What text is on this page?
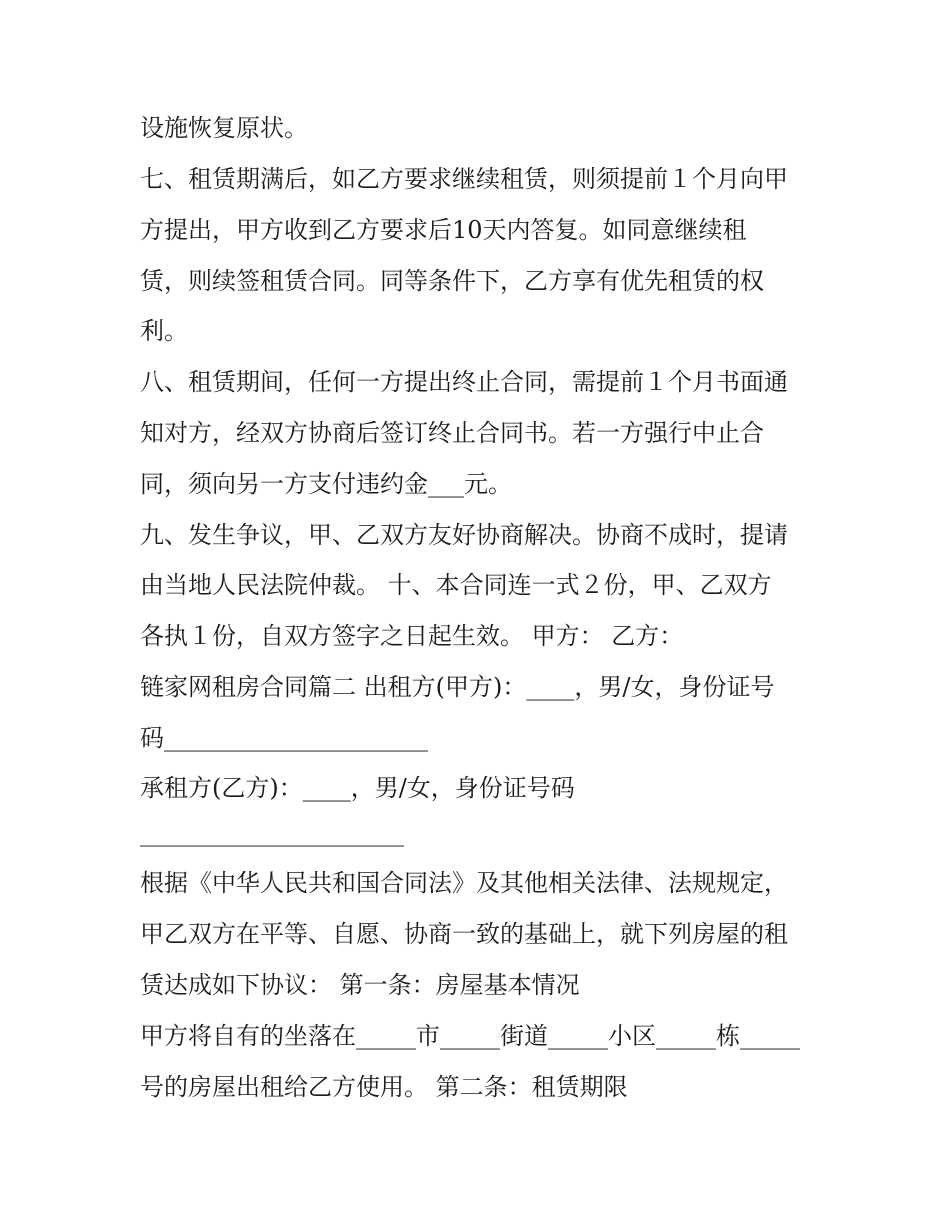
设施恢复原状。
七、租赁期满后，如乙方要求继续租赁，则须提前１个月向甲
方提出，甲方收到乙方要求后10天内答复。如同意继续租
赁，则续签租赁合同。同等条件下，乙方享有优先租赁的权
利。
八、租赁期间，任何一方提出终止合同，需提前１个月书面通
知对方，经双方协商后签订终止合同书。若一方强行中止合
同，须向另一方支付违约金___元。
九、发生争议，甲、乙双方友好协商解决。协商不成时，提请
由当地人民法院仲裁。 十、本合同连一式２份，甲、乙双方
各执１份，自双方签字之日起生效。 甲方： 乙方：
链家网租房合同篇二 出租方(甲方)：____，男/女，身份证号
码______________________
承租方(乙方)：____，男/女，身份证号码
______________________
根据《中华人民共和国合同法》及其他相关法律、法规规定，
甲乙双方在平等、自愿、协商一致的基础上，就下列房屋的租
赁达成如下协议： 第一条：房屋基本情况
甲方将自有的坐落在_____市_____街道_____小区_____栋_____
号的房屋出租给乙方使用。 第二条：租赁期限
